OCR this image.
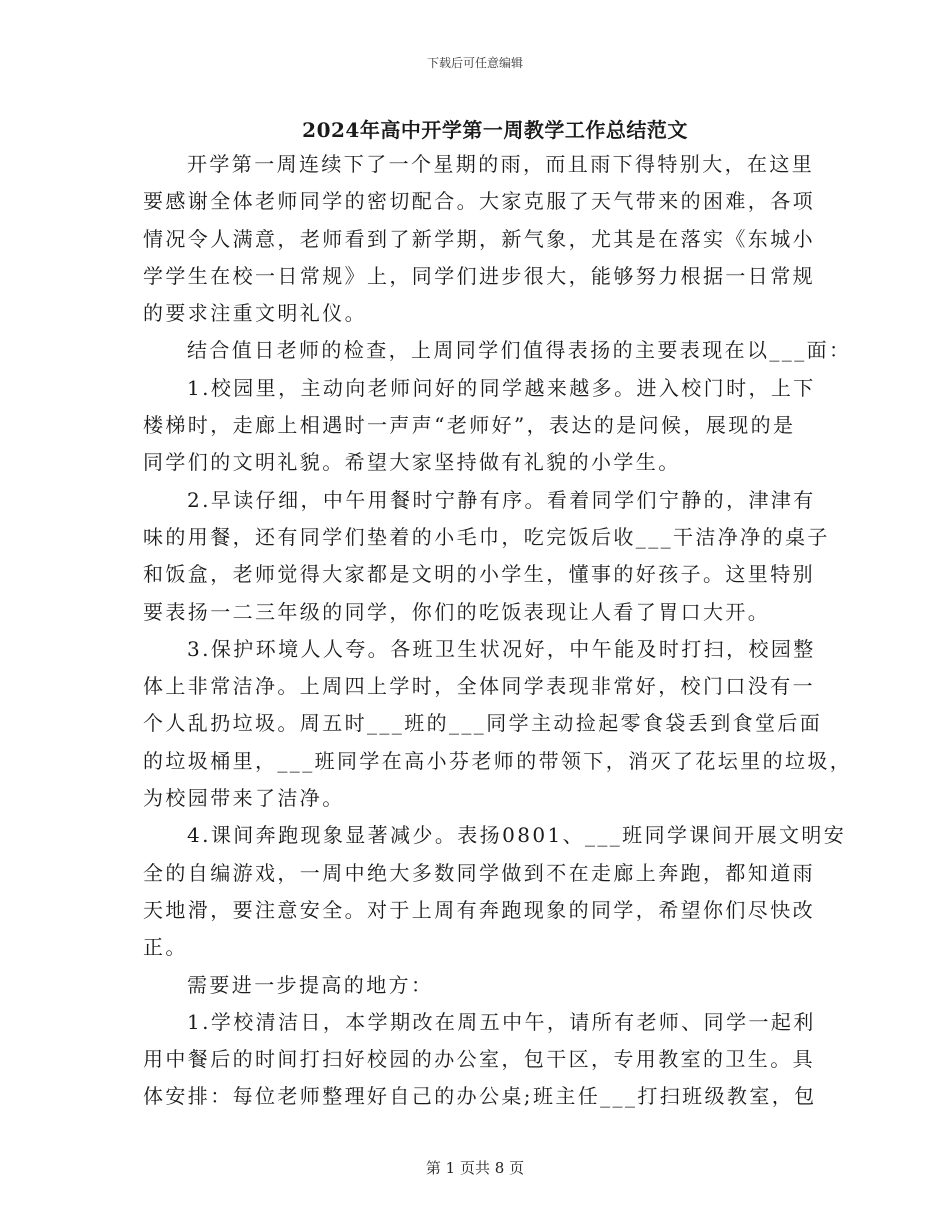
下载后可任意编辑
2024年高中开学第一周教学工作总结范文

开学第一周连续下了一个星期的雨，而且雨下得特别大，在这里
要感谢全体老师同学的密切配合。大家克服了天气带来的困难，各项
情况令人满意，老师看到了新学期，新气象，尤其是在落实《东城小
学学生在校一日常规》上，同学们进步很大，能够努力根据一日常规
的要求注重文明礼仪。

结合值日老师的检查，上周同学们值得表扬的主要表现在以___面：

1.校园里，主动向老师问好的同学越来越多。进入校门时，上下
楼梯时，走廊上相遇时一声声“老师好”，表达的是问候，展现的是
同学们的文明礼貌。希望大家坚持做有礼貌的小学生。

2.早读仔细，中午用餐时宁静有序。看着同学们宁静的，津津有
味的用餐，还有同学们垫着的小毛巾，吃完饭后收___干洁净净的桌子
和饭盒，老师觉得大家都是文明的小学生，懂事的好孩子。这里特别
要表扬一二三年级的同学，你们的吃饭表现让人看了胃口大开。

3.保护环境人人夸。各班卫生状况好，中午能及时打扫，校园整
体上非常洁净。上周四上学时，全体同学表现非常好，校门口没有一
个人乱扔垃圾。周五时___班的___同学主动捡起零食袋丢到食堂后面
的垃圾桶里，___班同学在高小芬老师的带领下，消灭了花坛里的垃圾，
为校园带来了洁净。

4.课间奔跑现象显著减少。表扬0801、___班同学课间开展文明安
全的自编游戏，一周中绝大多数同学做到不在走廊上奔跑，都知道雨
天地滑，要注意安全。对于上周有奔跑现象的同学，希望你们尽快改
正。

需要进一步提高的地方：

1.学校清洁日，本学期改在周五中午，请所有老师、同学一起利
用中餐后的时间打扫好校园的办公室，包干区，专用教室的卫生。具
体安排：每位老师整理好自己的办公桌;班主任___打扫班级教室，包

第 1 页共 8 页
